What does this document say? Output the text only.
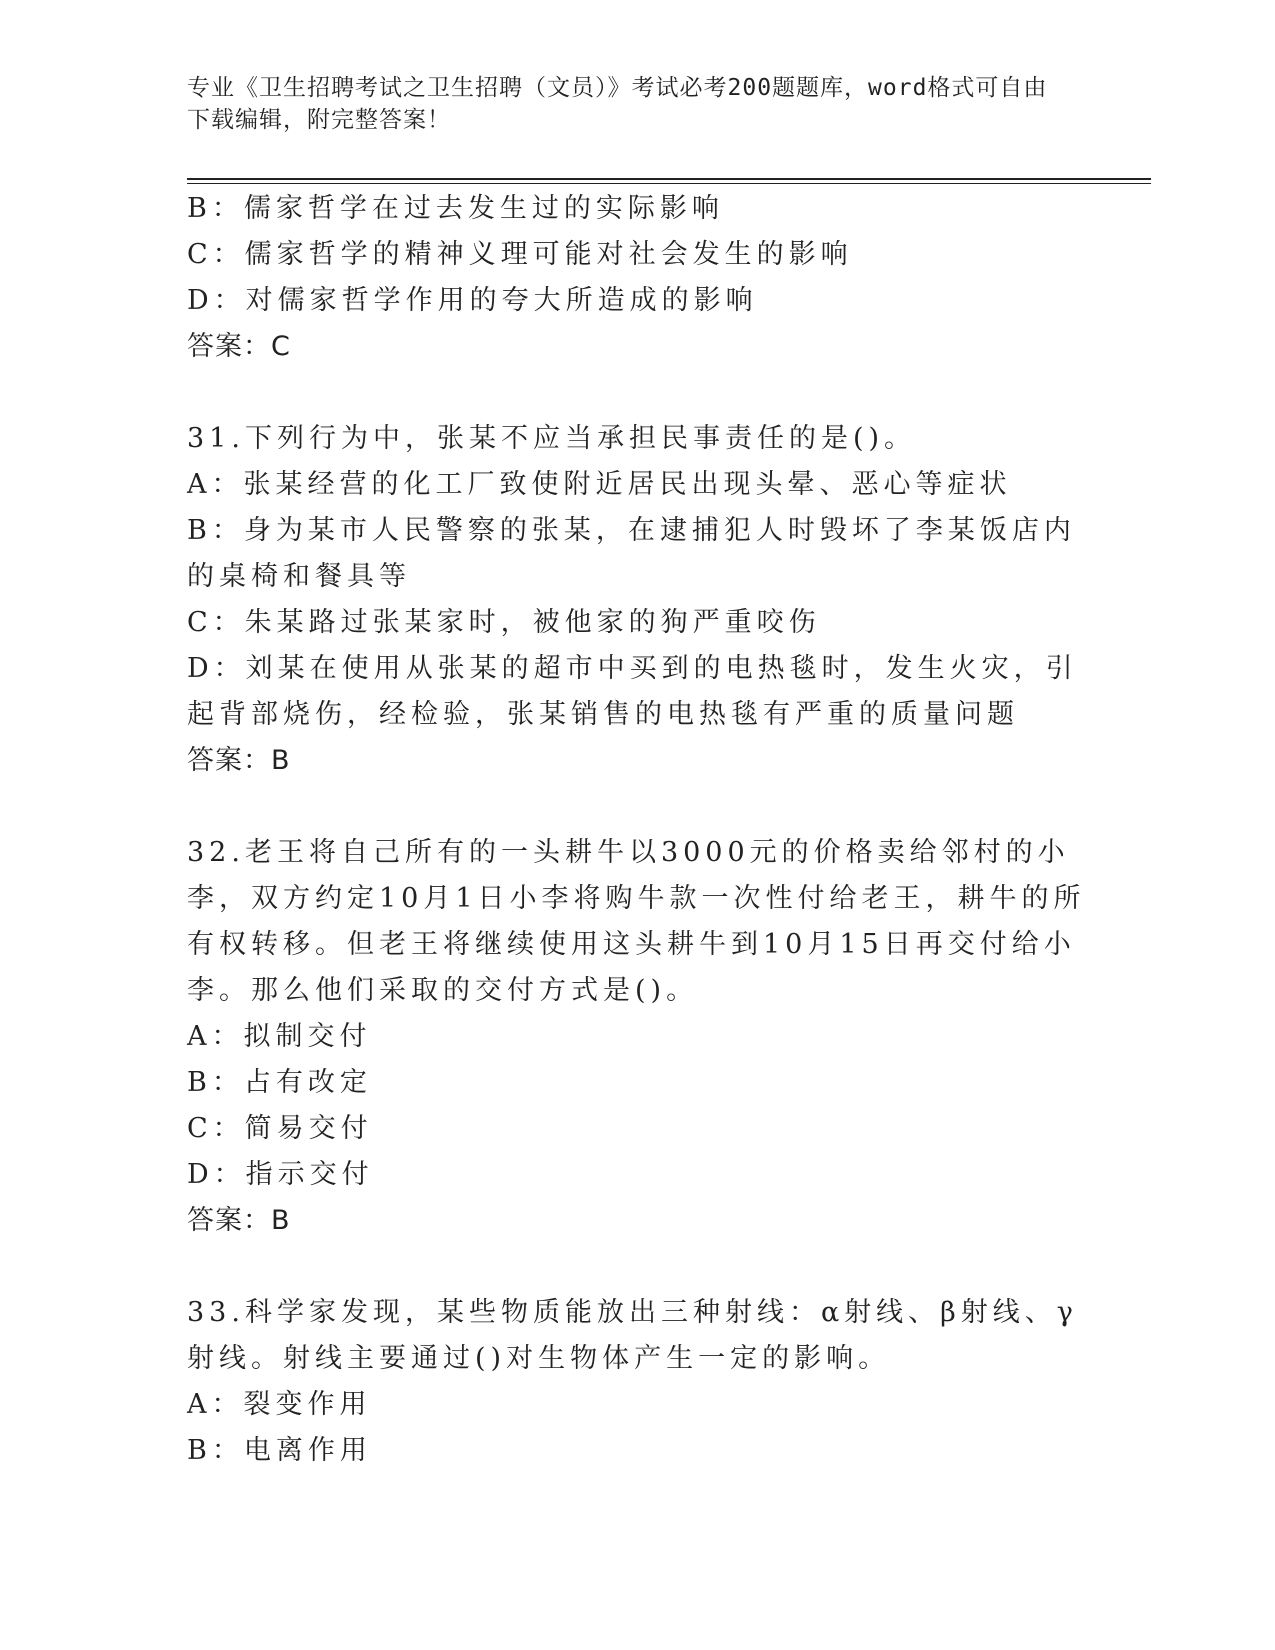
专业《卫生招聘考试之卫生招聘（文员）》考试必考200题题库，word格式可自由下载编辑，附完整答案！

B：儒家哲学在过去发生过的实际影响

C：儒家哲学的精神义理可能对社会发生的影响

D：对儒家哲学作用的夸大所造成的影响

答案：C

31.下列行为中，张某不应当承担民事责任的是()。

A：张某经营的化工厂致使附近居民出现头晕、恶心等症状

B：身为某市人民警察的张某，在逮捕犯人时毁坏了李某饭店内的桌椅和餐具等

C：朱某路过张某家时，被他家的狗严重咬伤

D：刘某在使用从张某的超市中买到的电热毯时，发生火灾，引起背部烧伤，经检验，张某销售的电热毯有严重的质量问题

答案：B

32.老王将自己所有的一头耕牛以3000元的价格卖给邻村的小李，双方约定10月1日小李将购牛款一次性付给老王，耕牛的所有权转移。但老王将继续使用这头耕牛到10月15日再交付给小李。那么他们采取的交付方式是()。

A：拟制交付

B：占有改定

C：简易交付

D：指示交付

答案：B

33.科学家发现，某些物质能放出三种射线：α射线、β射线、γ射线。射线主要通过()对生物体产生一定的影响。

A：裂变作用

B：电离作用
